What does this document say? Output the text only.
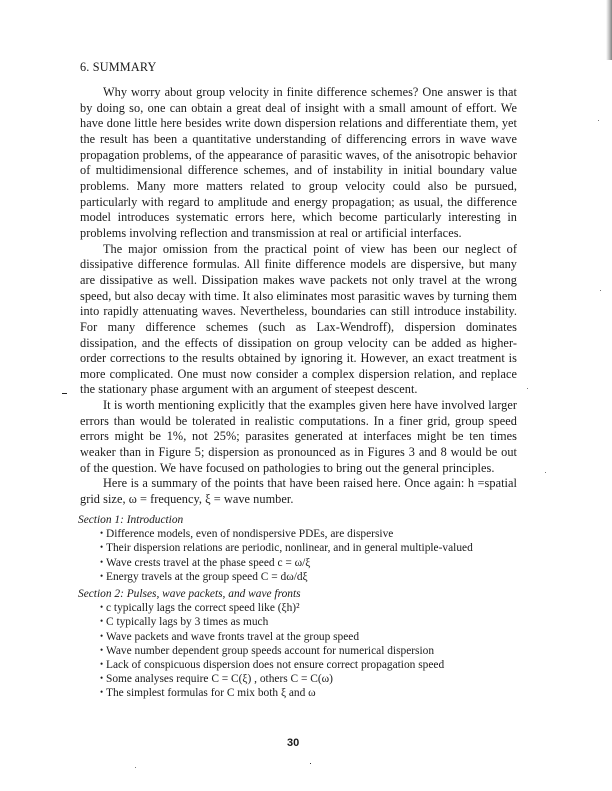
6. SUMMARY

Why worry about group velocity in finite difference schemes? One answer is that by doing so, one can obtain a great deal of insight with a small amount of effort. We have done little here besides write down dispersion relations and differentiate them, yet the result has been a quantitative understanding of differencing errors in wave wave propagation problems, of the appearance of parasitic waves, of the anisotropic behavior of multidimensional difference schemes, and of instability in initial boundary value problems. Many more matters related to group velocity could also be pursued, particularly with regard to amplitude and energy propagation; as usual, the difference model introduces systematic errors here, which become particularly interesting in problems involving reflection and transmission at real or artificial interfaces.

The major omission from the practical point of view has been our neglect of dissipative difference formulas. All finite difference models are dispersive, but many are dissipative as well. Dissipation makes wave packets not only travel at the wrong speed, but also decay with time. It also eliminates most parasitic waves by turning them into rapidly attenuating waves. Nevertheless, boundaries can still introduce instability. For many difference schemes (such as Lax-Wendroff), dispersion dominates dissipation, and the effects of dissipation on group velocity can be added as higher-order corrections to the results obtained by ignoring it. However, an exact treatment is more complicated. One must now consider a complex dispersion relation, and replace the stationary phase argument with an argument of steepest descent.

It is worth mentioning explicitly that the examples given here have involved larger errors than would be tolerated in realistic computations. In a finer grid, group speed errors might be 1%, not 25%; parasites generated at interfaces might be ten times weaker than in Figure 5; dispersion as pronounced as in Figures 3 and 8 would be out of the question. We have focused on pathologies to bring out the general principles.

Here is a summary of the points that have been raised here. Once again: h =spatial grid size, ω = frequency, ξ = wave number.

Section 1: Introduction

• Difference models, even of nondispersive PDEs, are dispersive
• Their dispersion relations are periodic, nonlinear, and in general multiple-valued
• Wave crests travel at the phase speed c = ω/ξ
• Energy travels at the group speed C = dω/dξ

Section 2: Pulses, wave packets, and wave fronts

• c typically lags the correct speed like (ξh)²
• C typically lags by 3 times as much
• Wave packets and wave fronts travel at the group speed
• Wave number dependent group speeds account for numerical dispersion
• Lack of conspicuous dispersion does not ensure correct propagation speed
• Some analyses require C = C(ξ) , others C = C(ω)
• The simplest formulas for C mix both ξ and ω
30
